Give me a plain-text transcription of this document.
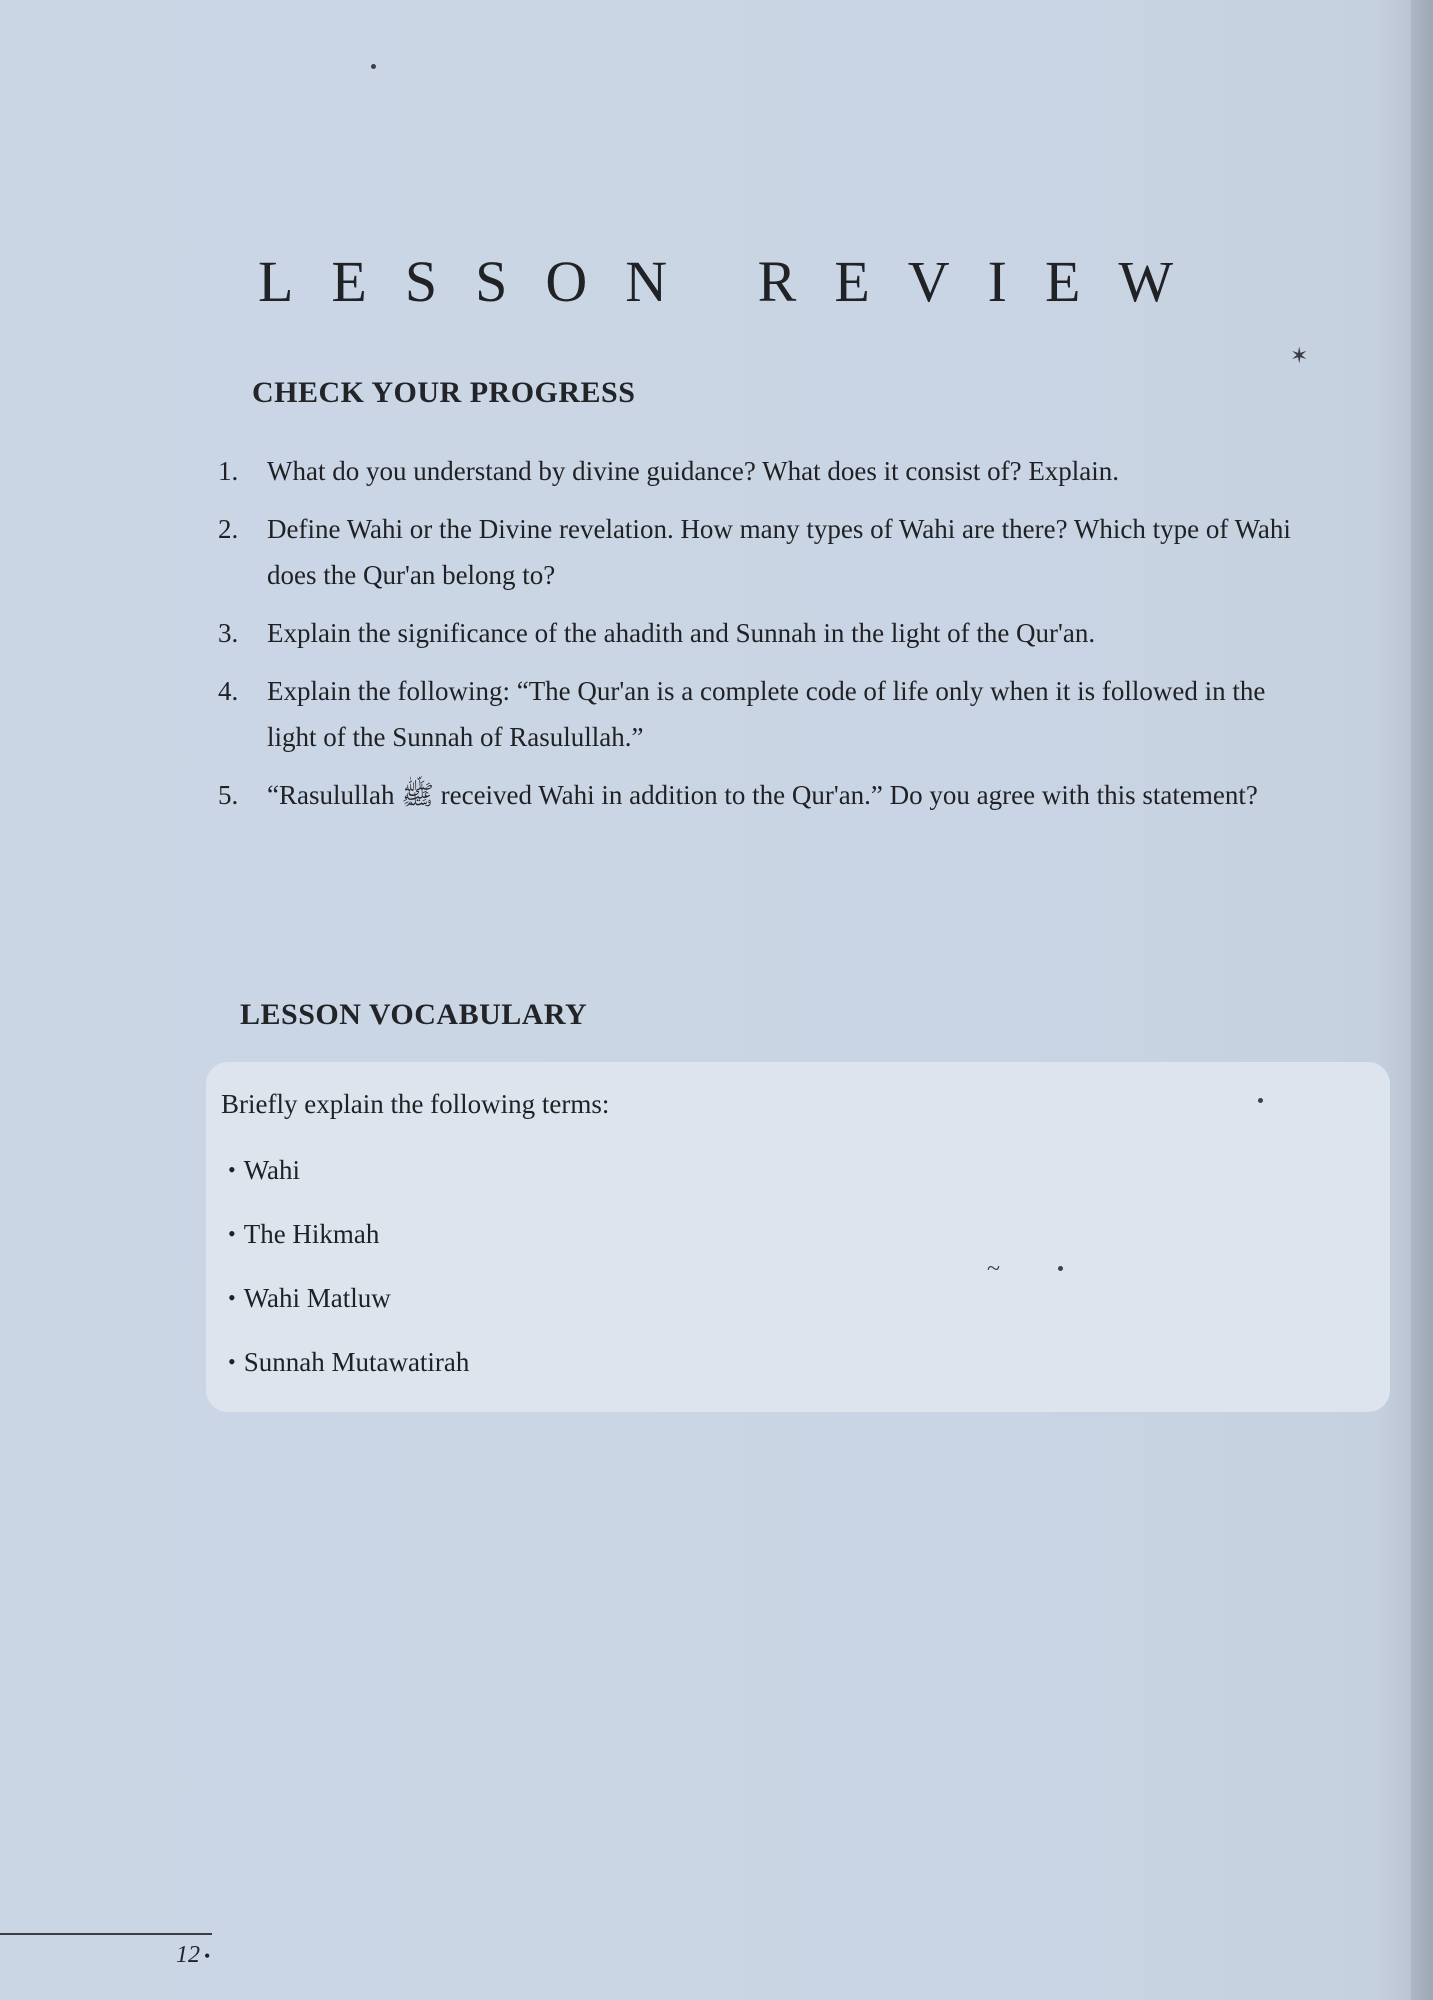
LESSON REVIEW
CHECK YOUR PROGRESS
1. What do you understand by divine guidance? What does it consist of? Explain.
2. Define Wahi or the Divine revelation. How many types of Wahi are there? Which type of Wahi does the Qur'an belong to?
3. Explain the significance of the ahadith and Sunnah in the light of the Qur'an.
4. Explain the following: “The Qur'an is a complete code of life only when it is followed in the light of the Sunnah of Rasulullah.”
5. “Rasulullah ﷺ received Wahi in addition to the Qur'an.” Do you agree with this statement?
LESSON VOCABULARY

Briefly explain the following terms:

• Wahi
• The Hikmah
• Wahi Matluw
• Sunnah Mutawatirah
12 •
~
✶
